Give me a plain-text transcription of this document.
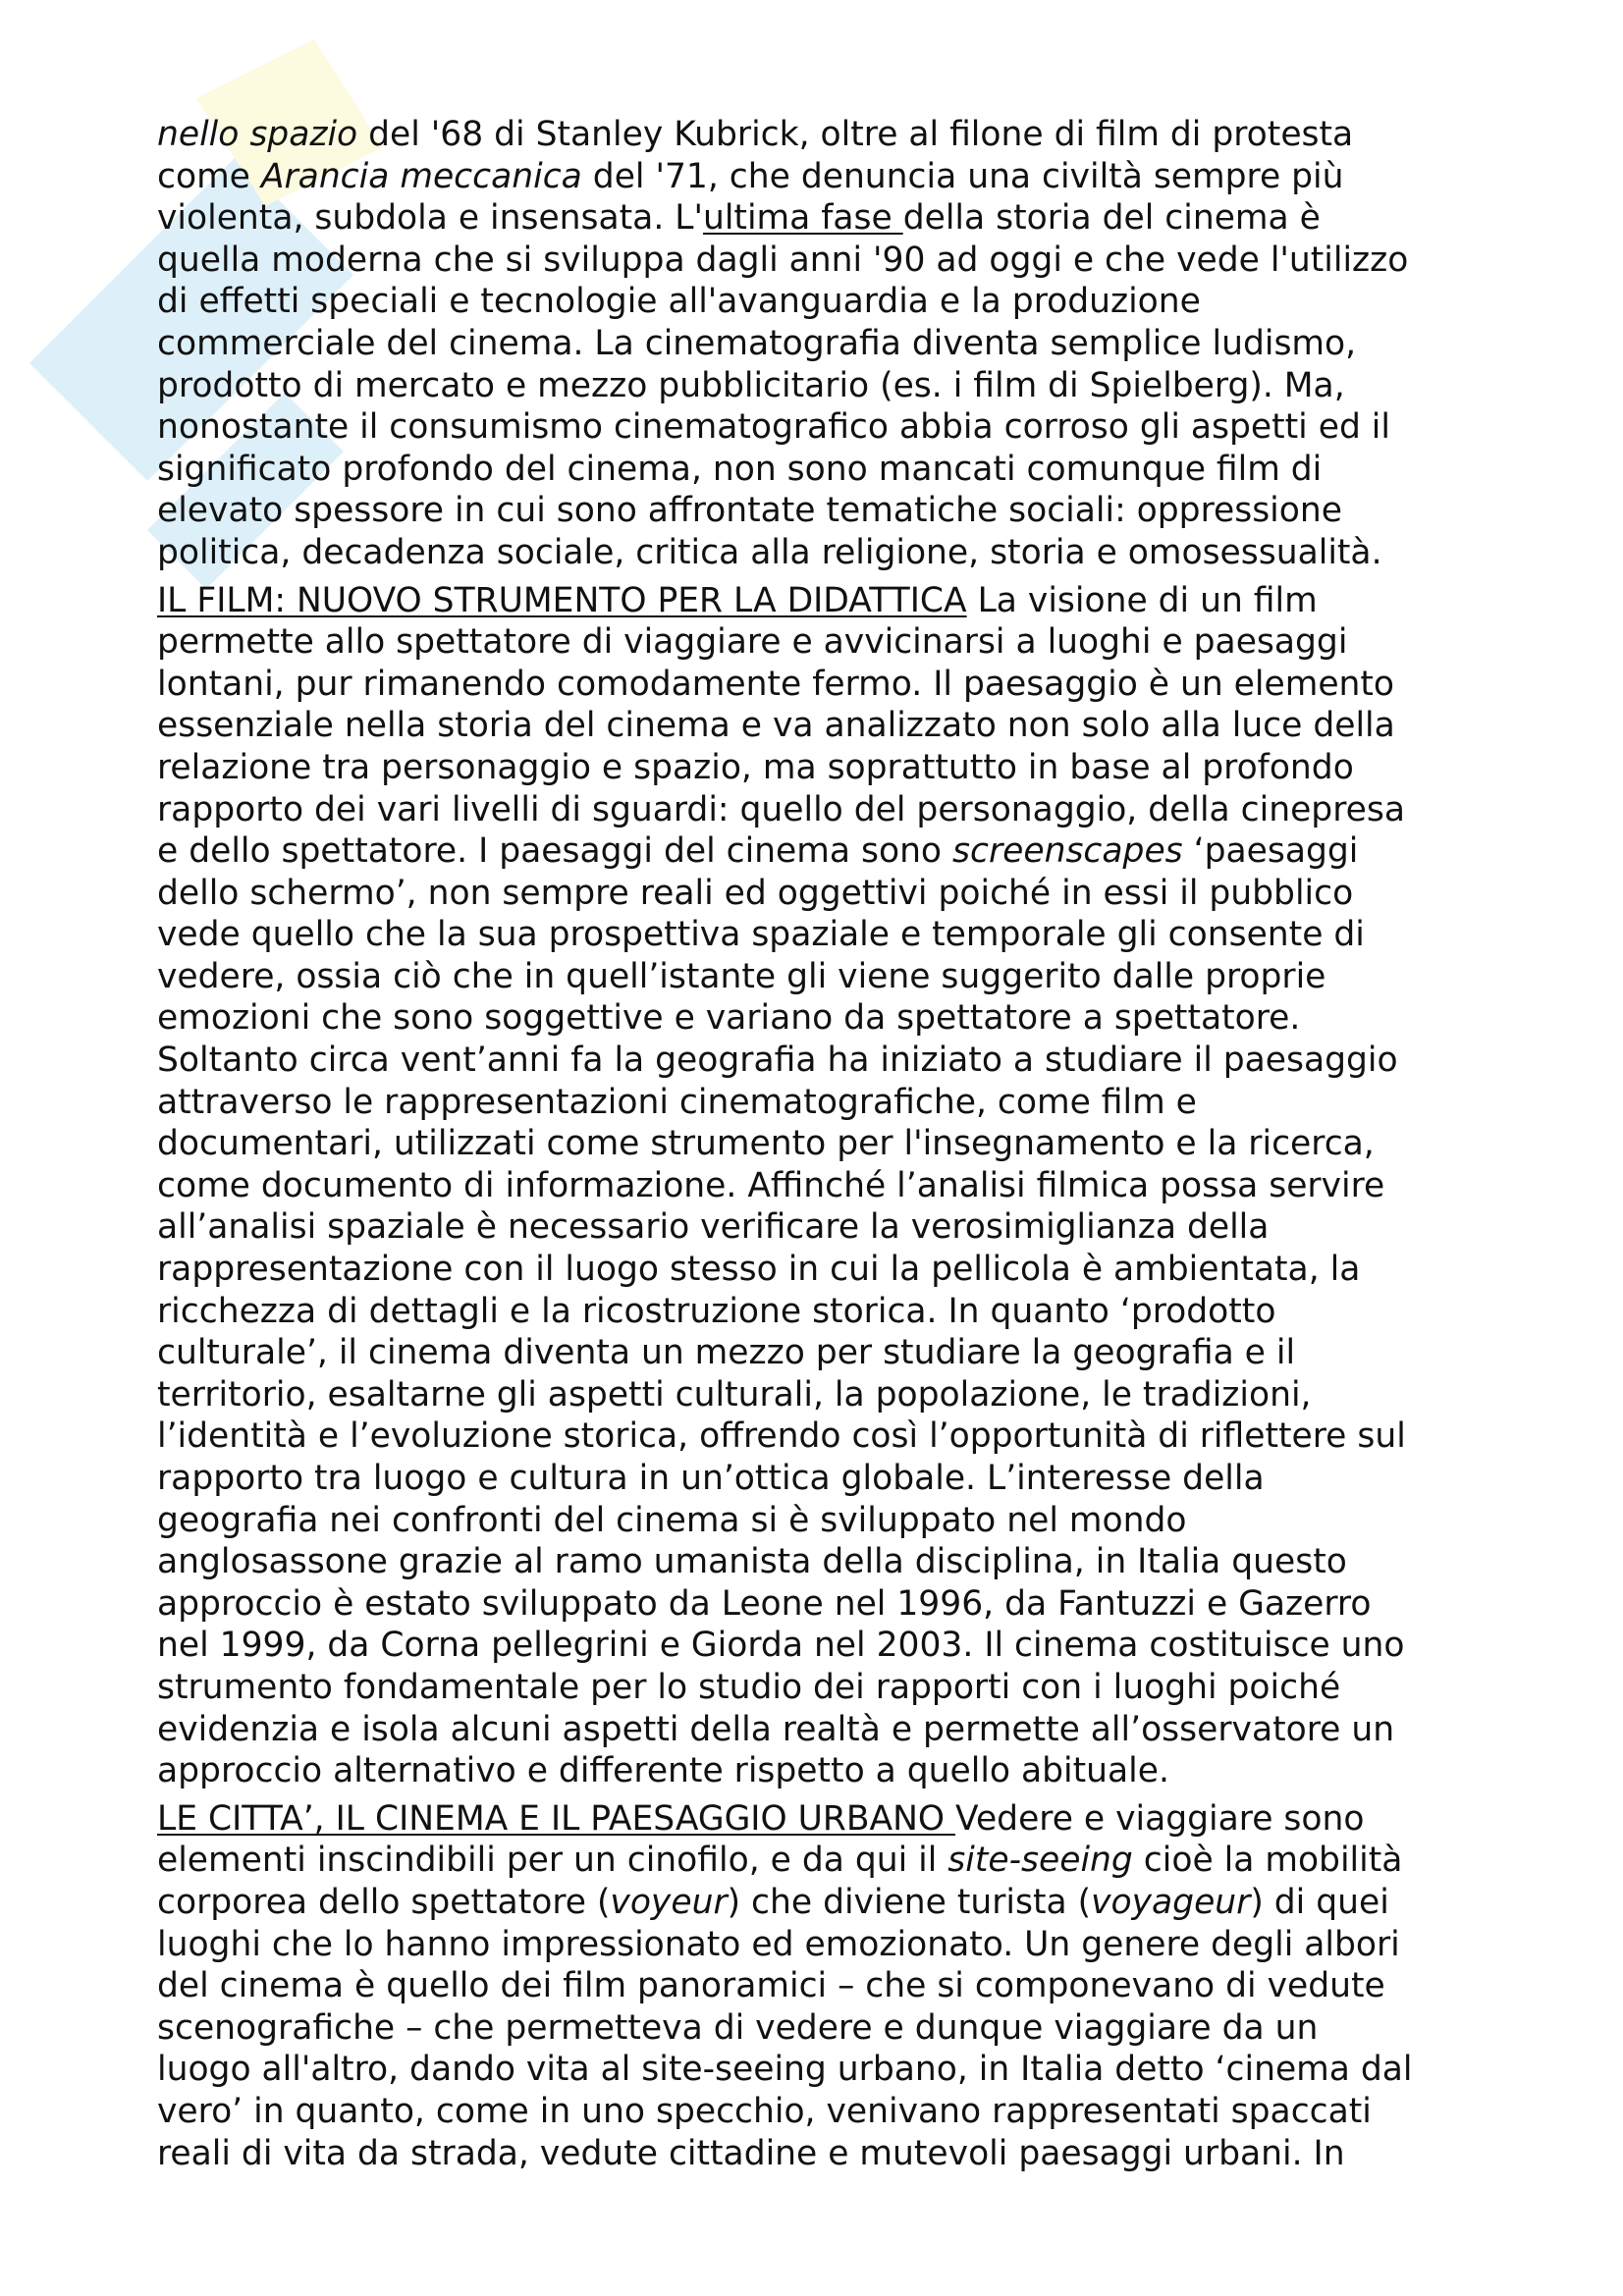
nello spazio del '68 di Stanley Kubrick, oltre al filone di film di protesta
come Arancia meccanica del '71, che denuncia una civiltà sempre più
violenta, subdola e insensata. L'ultima fase della storia del cinema è
quella moderna che si sviluppa dagli anni '90 ad oggi e che vede l'utilizzo
di effetti speciali e tecnologie all'avanguardia e la produzione
commerciale del cinema. La cinematografia diventa semplice ludismo,
prodotto di mercato e mezzo pubblicitario (es. i film di Spielberg). Ma,
nonostante il consumismo cinematografico abbia corroso gli aspetti ed il
significato profondo del cinema, non sono mancati comunque film di
elevato spessore in cui sono affrontate tematiche sociali: oppressione
politica, decadenza sociale, critica alla religione, storia e omosessualità.

IL FILM: NUOVO STRUMENTO PER LA DIDATTICA La visione di un film
permette allo spettatore di viaggiare e avvicinarsi a luoghi e paesaggi
lontani, pur rimanendo comodamente fermo. Il paesaggio è un elemento
essenziale nella storia del cinema e va analizzato non solo alla luce della
relazione tra personaggio e spazio, ma soprattutto in base al profondo
rapporto dei vari livelli di sguardi: quello del personaggio, della cinepresa
e dello spettatore. I paesaggi del cinema sono screenscapes ‘paesaggi
dello schermo’, non sempre reali ed oggettivi poiché in essi il pubblico
vede quello che la sua prospettiva spaziale e temporale gli consente di
vedere, ossia ciò che in quell’istante gli viene suggerito dalle proprie
emozioni che sono soggettive e variano da spettatore a spettatore.
Soltanto circa vent’anni fa la geografia ha iniziato a studiare il paesaggio
attraverso le rappresentazioni cinematografiche, come film e
documentari, utilizzati come strumento per l'insegnamento e la ricerca,
come documento di informazione. Affinché l’analisi filmica possa servire
all’analisi spaziale è necessario verificare la verosimiglianza della
rappresentazione con il luogo stesso in cui la pellicola è ambientata, la
ricchezza di dettagli e la ricostruzione storica. In quanto ‘prodotto
culturale’, il cinema diventa un mezzo per studiare la geografia e il
territorio, esaltarne gli aspetti culturali, la popolazione, le tradizioni,
l’identità e l’evoluzione storica, offrendo così l’opportunità di riflettere sul
rapporto tra luogo e cultura in un’ottica globale. L’interesse della
geografia nei confronti del cinema si è sviluppato nel mondo
anglosassone grazie al ramo umanista della disciplina, in Italia questo
approccio è estato sviluppato da Leone nel 1996, da Fantuzzi e Gazerro
nel 1999, da Corna pellegrini e Giorda nel 2003. Il cinema costituisce uno
strumento fondamentale per lo studio dei rapporti con i luoghi poiché
evidenzia e isola alcuni aspetti della realtà e permette all’osservatore un
approccio alternativo e differente rispetto a quello abituale.

LE CITTA’, IL CINEMA E IL PAESAGGIO URBANO Vedere e viaggiare sono
elementi inscindibili per un cinofilo, e da qui il site-seeing cioè la mobilità
corporea dello spettatore (voyeur) che diviene turista (voyageur) di quei
luoghi che lo hanno impressionato ed emozionato. Un genere degli albori
del cinema è quello dei film panoramici – che si componevano di vedute
scenografiche – che permetteva di vedere e dunque viaggiare da un
luogo all'altro, dando vita al site-seeing urbano, in Italia detto ‘cinema dal
vero’ in quanto, come in uno specchio, venivano rappresentati spaccati
reali di vita da strada, vedute cittadine e mutevoli paesaggi urbani. In
